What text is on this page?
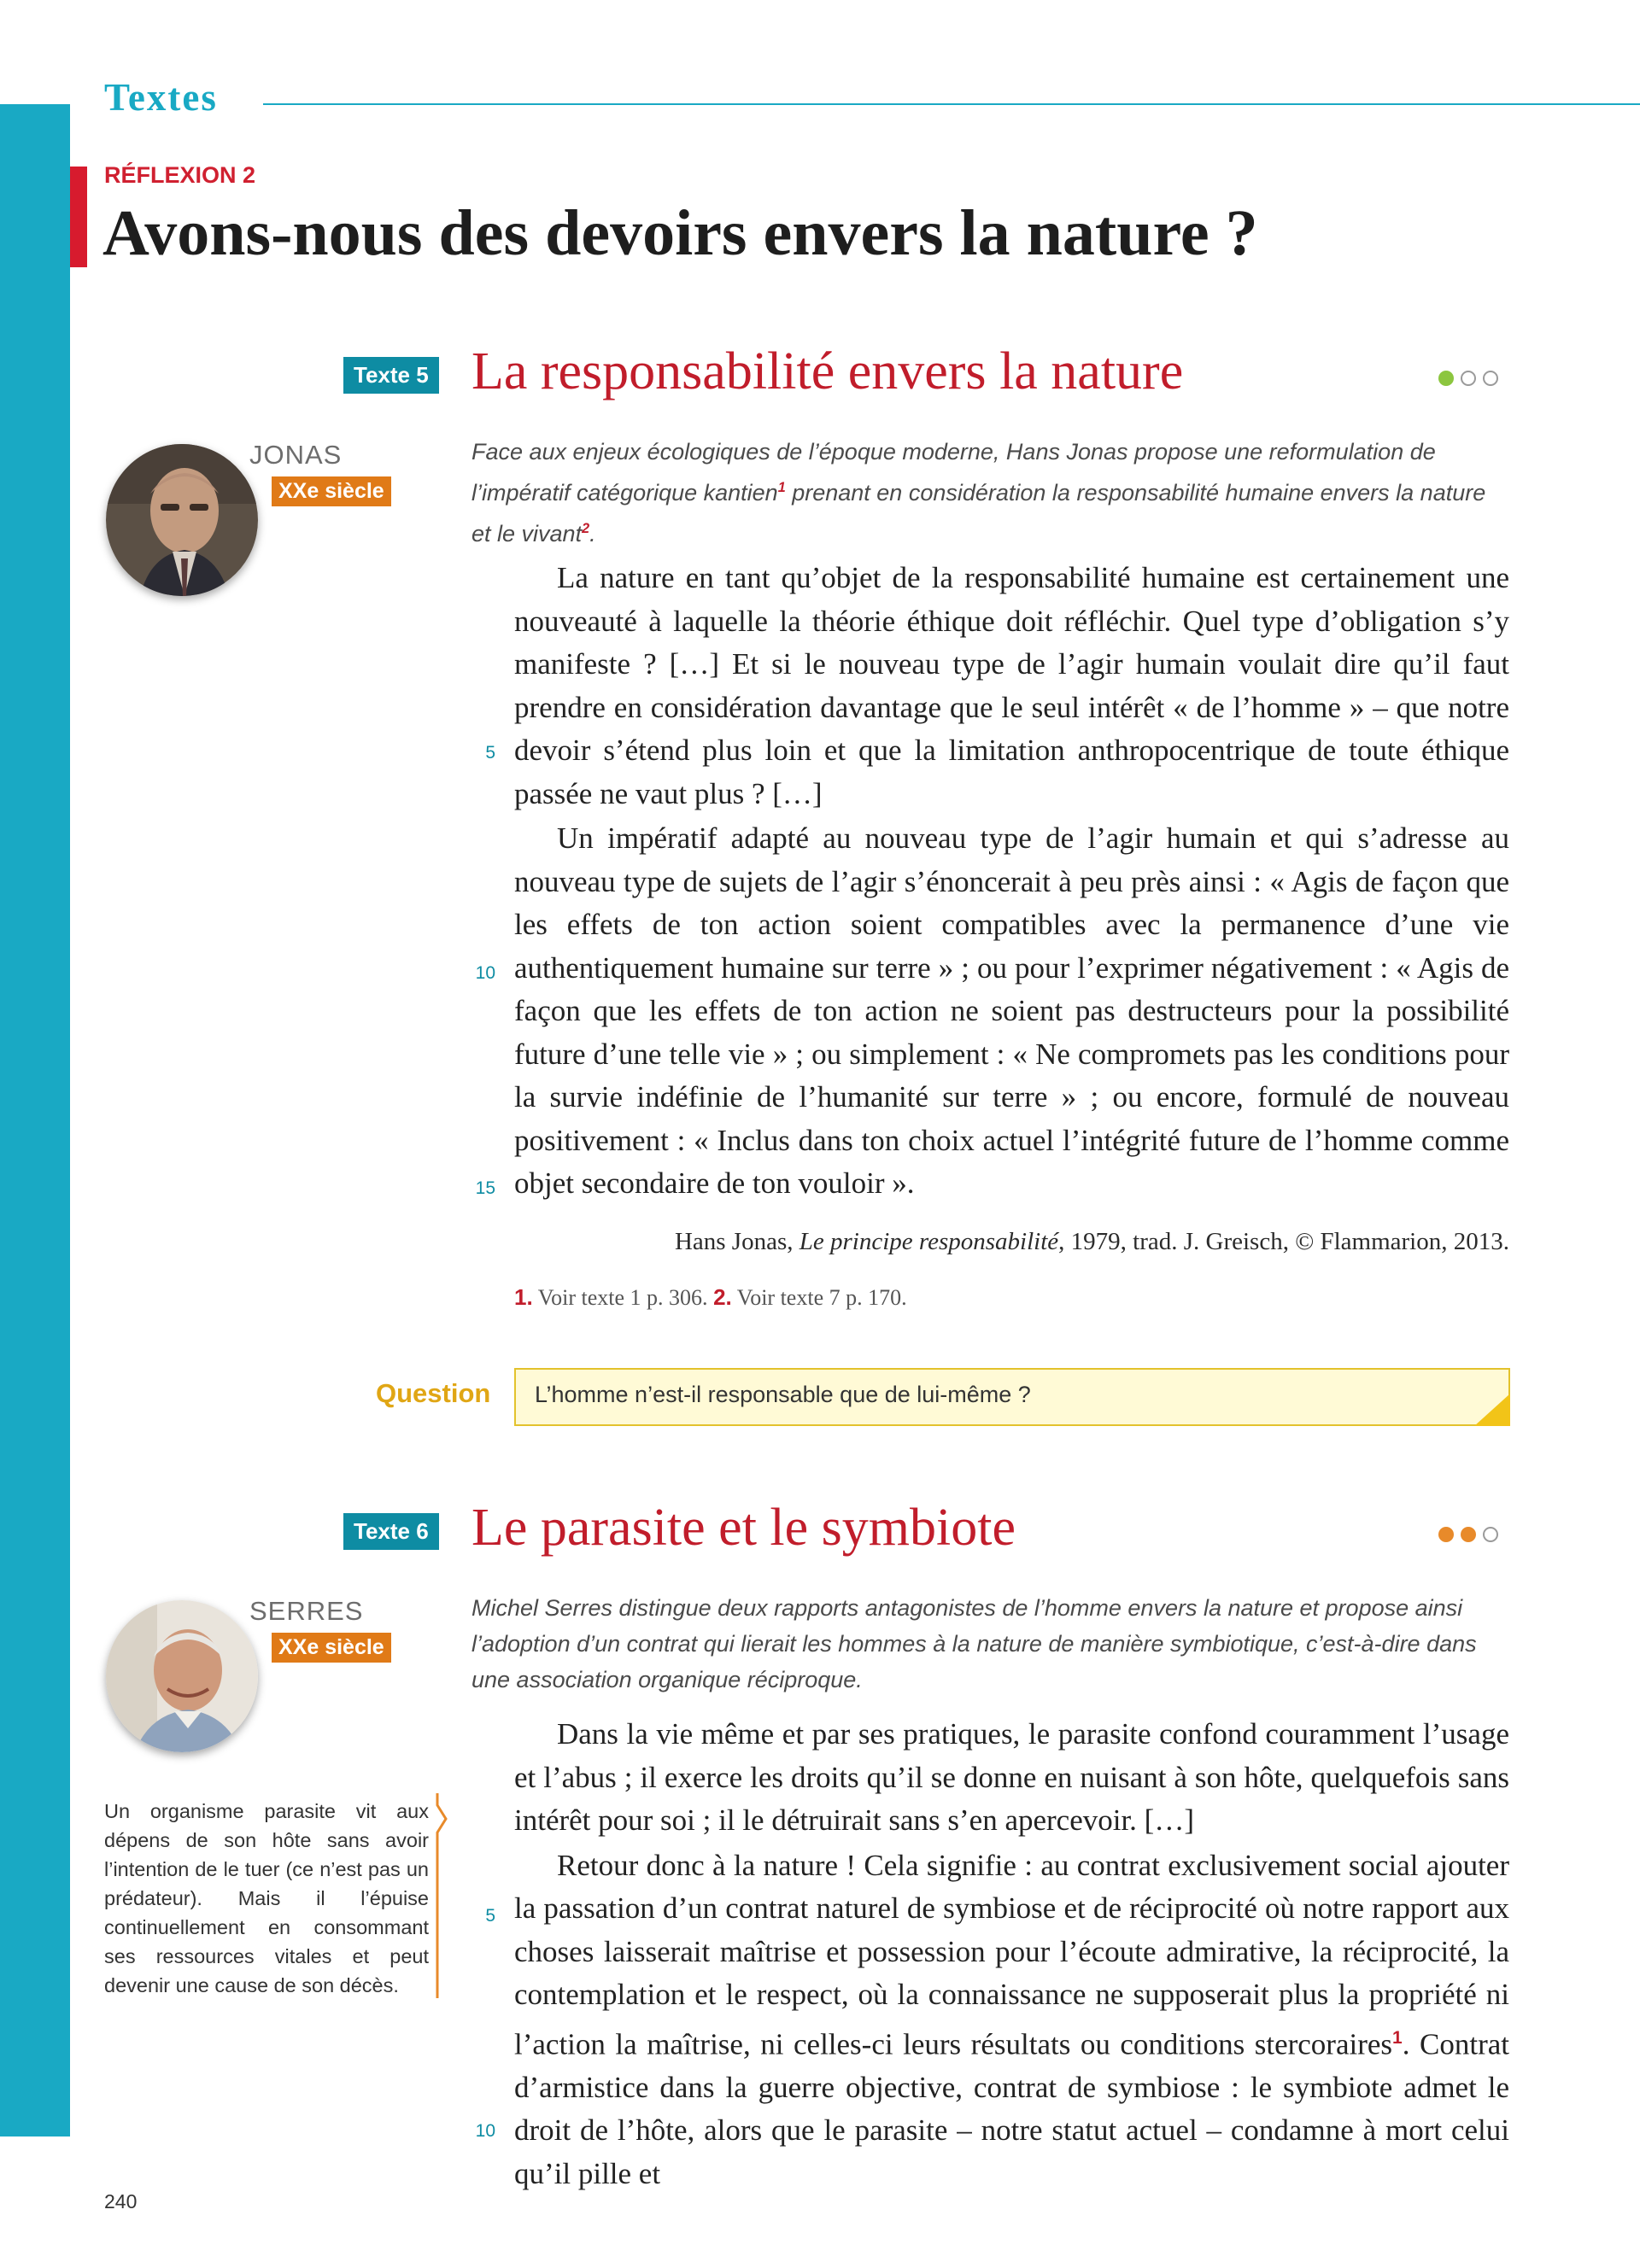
Textes
RÉFLEXION 2
Avons-nous des devoirs envers la nature ?
Texte 5 La responsabilité envers la nature
JONAS
XXe siècle
Face aux enjeux écologiques de l’époque moderne, Hans Jonas propose une reformulation de l’impératif catégorique kantien$^1$ prenant en considération la responsabilité humaine envers la nature et le vivant$^2$.

La nature en tant qu’objet de la responsabilité humaine est certainement une nouveauté à laquelle la théorie éthique doit réfléchir. Quel type d’obligation s’y manifeste ? […] Et si le nouveau type de l’agir humain voulait dire qu’il faut prendre en considération davantage que le seul intérêt « de l’homme » – que notre devoir s’étend plus loin et que la limitation anthropocentrique de toute éthique passée ne vaut plus ? […]

Un impératif adapté au nouveau type de l’agir humain et qui s’adresse au nouveau type de sujets de l’agir s’énoncerait à peu près ainsi : « Agis de façon que les effets de ton action soient compatibles avec la permanence d’une vie authentiquement humaine sur terre » ; ou pour l’exprimer négativement : « Agis de façon que les effets de ton action ne soient pas destructeurs pour la possibilité future d’une telle vie » ; ou simplement : « Ne compromets pas les conditions pour la survie indéfinie de l’humanité sur terre » ; ou encore, formulé de nouveau positivement : « Inclus dans ton choix actuel l’intégrité future de l’homme comme objet secondaire de ton vouloir ».

5
10
15
Hans Jonas, Le principe responsabilité, 1979, trad. J. Greisch, © Flammarion, 2013.
1. Voir texte 1 p. 306. 2. Voir texte 7 p. 170.
Question L’homme n’est-il responsable que de lui-même ?
Texte 6 Le parasite et le symbiote
SERRES
XXe siècle
Michel Serres distingue deux rapports antagonistes de l’homme envers la nature et propose ainsi l’adoption d’un contrat qui lierait les hommes à la nature de manière symbiotique, c’est-à-dire dans une association organique réciproque.
Un organisme parasite vit aux dépens de son hôte sans avoir l’intention de le tuer (ce n’est pas un prédateur). Mais il l’épuise continuellement en consommant ses ressources vitales et peut devenir une cause de son décès.

Dans la vie même et par ses pratiques, le parasite confond couramment l’usage et l’abus ; il exerce les droits qu’il se donne en nuisant à son hôte, quelquefois sans intérêt pour soi ; il le détruirait sans s’en apercevoir. […]

Retour donc à la nature ! Cela signifie : au contrat exclusivement social ajouter la passation d’un contrat naturel de symbiose et de réciprocité où notre rapport aux choses laisserait maîtrise et possession pour l’écoute admirative, la réciprocité, la contemplation et le respect, où la connaissance ne supposerait plus la propriété ni l’action la maîtrise, ni celles-ci leurs résultats ou conditions stercoraires$^1$. Contrat d’armistice dans la guerre objective, contrat de symbiose : le symbiote admet le droit de l’hôte, alors que le parasite – notre statut actuel – condamne à mort celui qu’il pille et

5
10
240
